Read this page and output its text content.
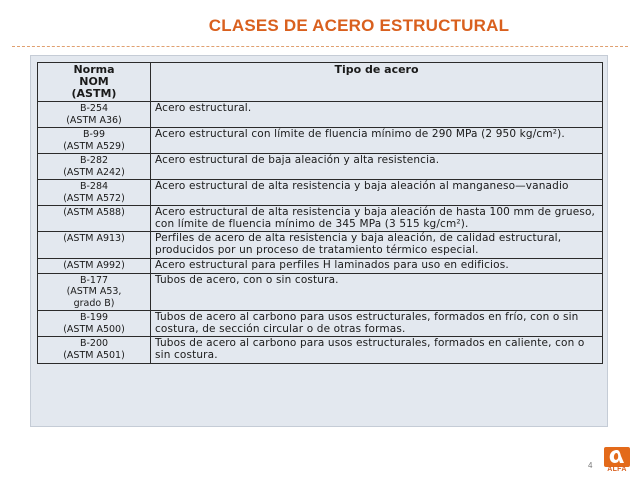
CLASES DE ACERO ESTRUCTURAL
Norma
NOM
(ASTM)	Tipo de acero
B-254
(ASTM A36)	Acero estructural.
B-99
(ASTM A529)	Acero estructural con límite de fluencia mínimo de 290 MPa (2 950 kg/cm²).
B-282
(ASTM A242)	Acero estructural de baja aleación y alta resistencia.
B-284
(ASTM A572)	Acero estructural de alta resistencia y baja aleación al manganeso—vanadio
(ASTM A588)	Acero estructural de alta resistencia y baja aleación de hasta 100 mm de grueso, con límite de fluencia mínimo de 345 MPa (3 515 kg/cm²).
(ASTM A913)	Perfiles de acero de alta resistencia y baja aleación, de calidad estructural, producidos por un proceso de tratamiento térmico especial.
(ASTM A992)	Acero estructural para perfiles H laminados para uso en edificios.
B-177
(ASTM A53,
grado B)	Tubos de acero, con o sin costura.
B-199
(ASTM A500)	Tubos de acero al carbono para usos estructurales, formados en frío, con o sin costura, de sección circular o de otras formas.
B-200
(ASTM A501)	Tubos de acero al carbono para usos estructurales, formados en caliente, con o sin costura.
4	ALFA
